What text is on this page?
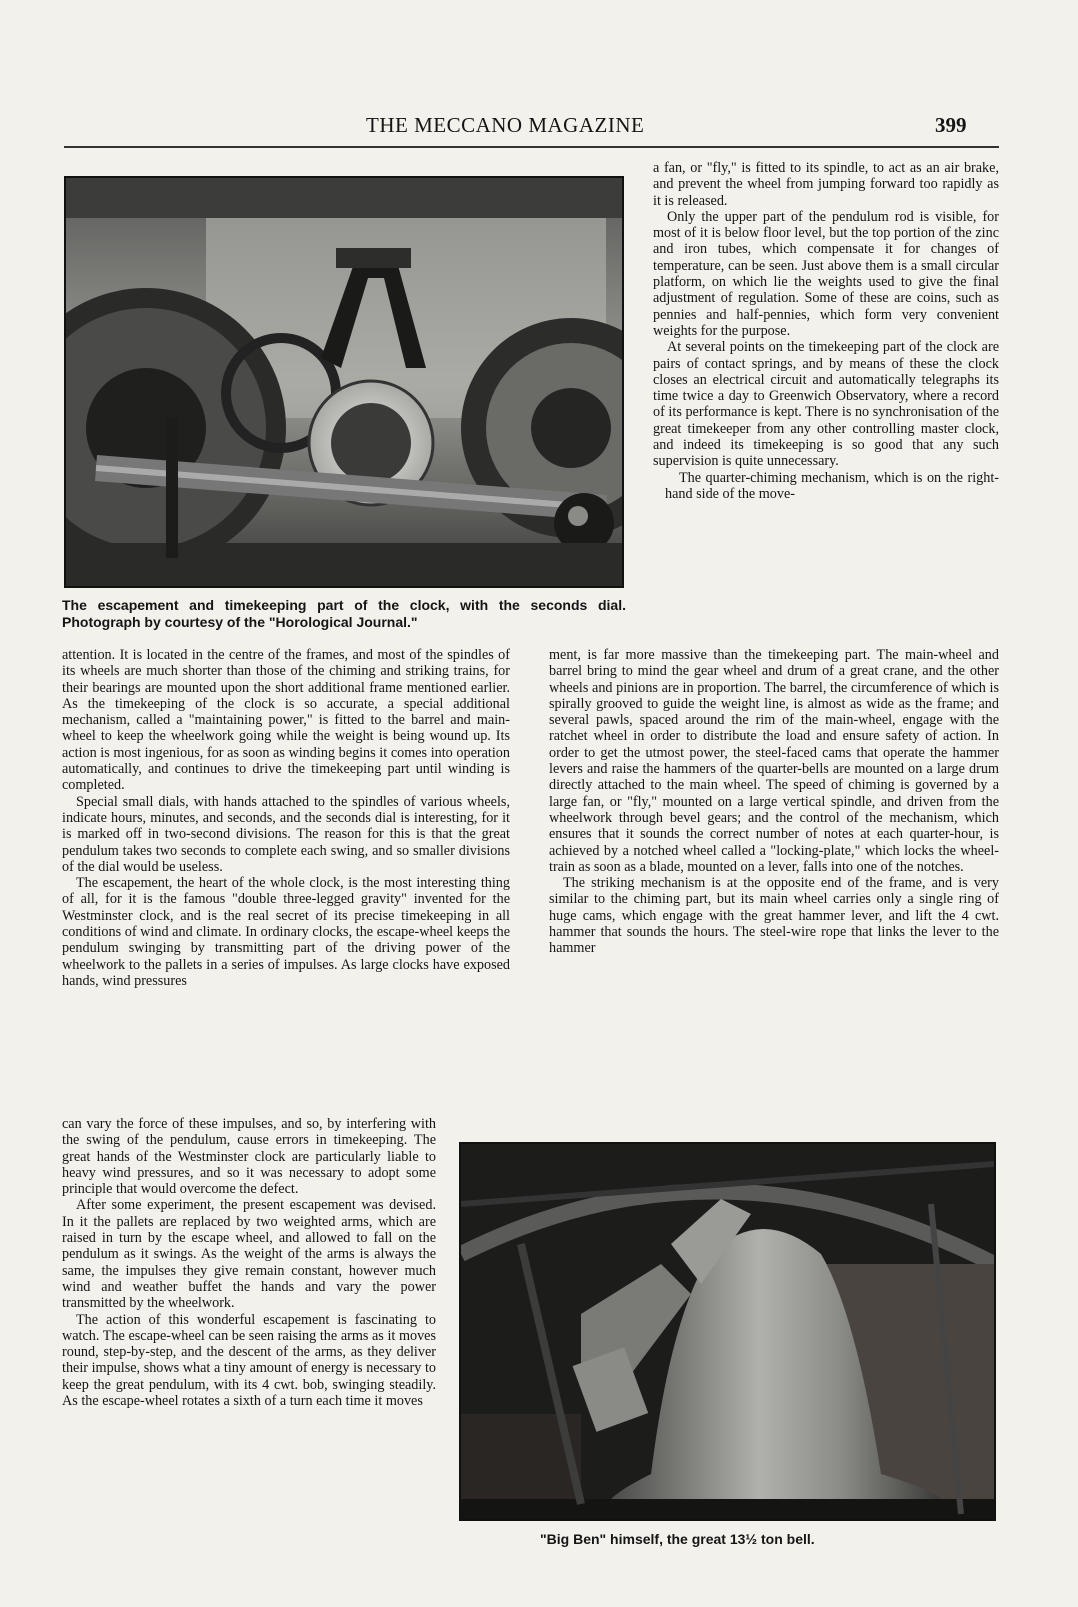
THE MECCANO MAGAZINE	399
The escapement and timekeeping part of the clock, with the seconds dial. Photograph by courtesy of the "Horological Journal."

a fan, or "fly," is fitted to its spindle, to act as an air brake, and prevent the wheel from jumping forward too rapidly as it is released.

Only the upper part of the pendulum rod is visible, for most of it is below floor level, but the top portion of the zinc and iron tubes, which compensate it for changes of temperature, can be seen. Just above them is a small circular platform, on which lie the weights used to give the final adjustment of regulation. Some of these are coins, such as pennies and half-pennies, which form very convenient weights for the purpose.

At several points on the timekeeping part of the clock are pairs of contact springs, and by means of these the clock closes an electrical circuit and automatically telegraphs its time twice a day to Greenwich Observatory, where a record of its performance is kept. There is no synchronisation of the great timekeeper from any other controlling master clock, and indeed its timekeeping is so good that any such supervision is quite unnecessary.

The quarter-chiming mechanism, which is on the right-hand side of the move-

attention. It is located in the centre of the frames, and most of the spindles of its wheels are much shorter than those of the chiming and striking trains, for their bearings are mounted upon the short additional frame mentioned earlier. As the timekeeping of the clock is so accurate, a special additional mechanism, called a "maintaining power," is fitted to the barrel and main-wheel to keep the wheelwork going while the weight is being wound up. Its action is most ingenious, for as soon as winding begins it comes into operation automatically, and continues to drive the timekeeping part until winding is completed.

Special small dials, with hands attached to the spindles of various wheels, indicate hours, minutes, and seconds, and the seconds dial is interesting, for it is marked off in two-second divisions. The reason for this is that the great pendulum takes two seconds to complete each swing, and so smaller divisions of the dial would be useless.

The escapement, the heart of the whole clock, is the most interesting thing of all, for it is the famous "double three-legged gravity" invented for the Westminster clock, and is the real secret of its precise timekeeping in all conditions of wind and climate. In ordinary clocks, the escape-wheel keeps the pendulum swinging by transmitting part of the driving power of the wheelwork to the pallets in a series of impulses. As large clocks have exposed hands, wind pressures

ment, is far more massive than the timekeeping part. The main-wheel and barrel bring to mind the gear wheel and drum of a great crane, and the other wheels and pinions are in proportion. The barrel, the circumference of which is spirally grooved to guide the weight line, is almost as wide as the frame; and several pawls, spaced around the rim of the main-wheel, engage with the ratchet wheel in order to distribute the load and ensure safety of action. In order to get the utmost power, the steel-faced cams that operate the hammer levers and raise the hammers of the quarter-bells are mounted on a large drum directly attached to the main wheel. The speed of chiming is governed by a large fan, or "fly," mounted on a large vertical spindle, and driven from the wheelwork through bevel gears; and the control of the mechanism, which ensures that it sounds the correct number of notes at each quarter-hour, is achieved by a notched wheel called a "locking-plate," which locks the wheel-train as soon as a blade, mounted on a lever, falls into one of the notches.

The striking mechanism is at the opposite end of the frame, and is very similar to the chiming part, but its main wheel carries only a single ring of huge cams, which engage with the great hammer lever, and lift the 4 cwt. hammer that sounds the hours. The steel-wire rope that links the lever to the hammer

can vary the force of these impulses, and so, by interfering with the swing of the pendulum, cause errors in timekeeping. The great hands of the Westminster clock are particularly liable to heavy wind pressures, and so it was necessary to adopt some principle that would overcome the defect.

After some experiment, the present escapement was devised. In it the pallets are replaced by two weighted arms, which are raised in turn by the escape wheel, and allowed to fall on the pendulum as it swings. As the weight of the arms is always the same, the impulses they give remain constant, however much wind and weather buffet the hands and vary the power transmitted by the wheelwork.

The action of this wonderful escapement is fascinating to watch. The escape-wheel can be seen raising the arms as it moves round, step-by-step, and the descent of the arms, as they deliver their impulse, shows what a tiny amount of energy is necessary to keep the great pendulum, with its 4 cwt. bob, swinging steadily. As the escape-wheel rotates a sixth of a turn each time it moves

"Big Ben" himself, the great 13½ ton bell.
